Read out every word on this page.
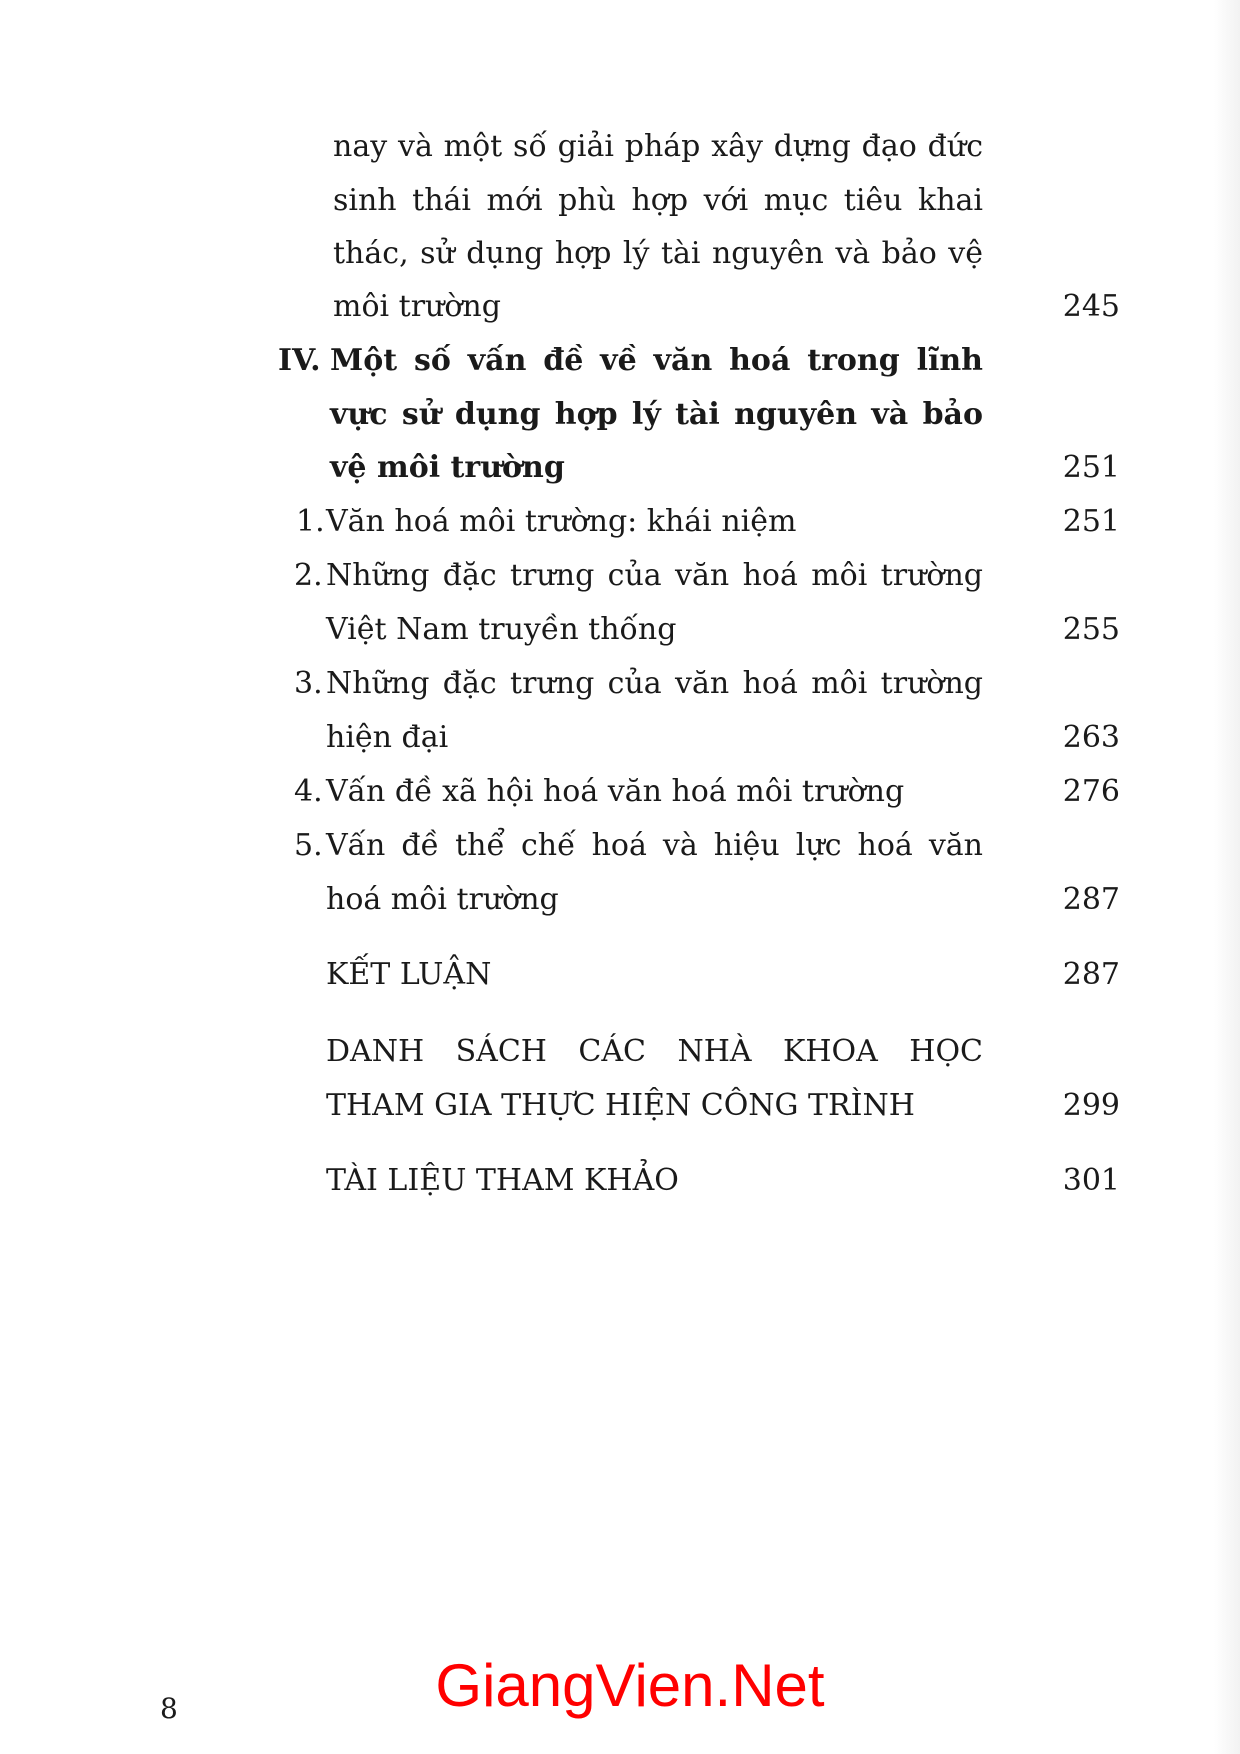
nay và một số giải pháp xây dựng đạo đức
sinh thái mới phù hợp với mục tiêu khai
thác, sử dụng hợp lý tài nguyên và bảo vệ
môi trường	245
IV. Một số vấn đề về văn hoá trong lĩnh
vực sử dụng hợp lý tài nguyên và bảo
vệ môi trường	251
1. Văn hoá môi trường: khái niệm	251
2. Những đặc trưng của văn hoá môi trường
Việt Nam truyền thống	255
3. Những đặc trưng của văn hoá môi trường
hiện đại	263
4. Vấn đề xã hội hoá văn hoá môi trường	276
5. Vấn đề thể chế hoá và hiệu lực hoá văn
hoá môi trường	287
KẾT LUẬN	287
DANH SÁCH CÁC NHÀ KHOA HỌC
THAM GIA THỰC HIỆN CÔNG TRÌNH	299
TÀI LIỆU THAM KHẢO	301
8	GiangVien.Net
